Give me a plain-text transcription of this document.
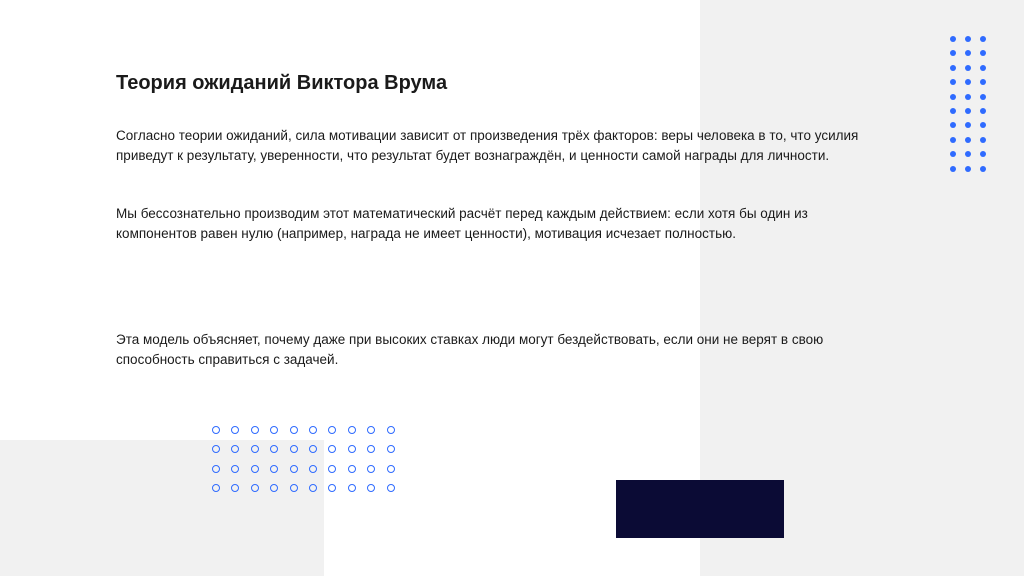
Теория ожиданий Виктора Врума

Согласно теории ожиданий, сила мотивации зависит от произведения трёх факторов: веры человека в то, что усилия приведут к результату, уверенности, что результат будет вознаграждён, и ценности самой награды для личности.

Мы бессознательно производим этот математический расчёт перед каждым действием: если хотя бы один из компонентов равен нулю (например, награда не имеет ценности), мотивация исчезает полностью.

Эта модель объясняет, почему даже при высоких ставках люди могут бездействовать, если они не верят в свою способность справиться с задачей.
